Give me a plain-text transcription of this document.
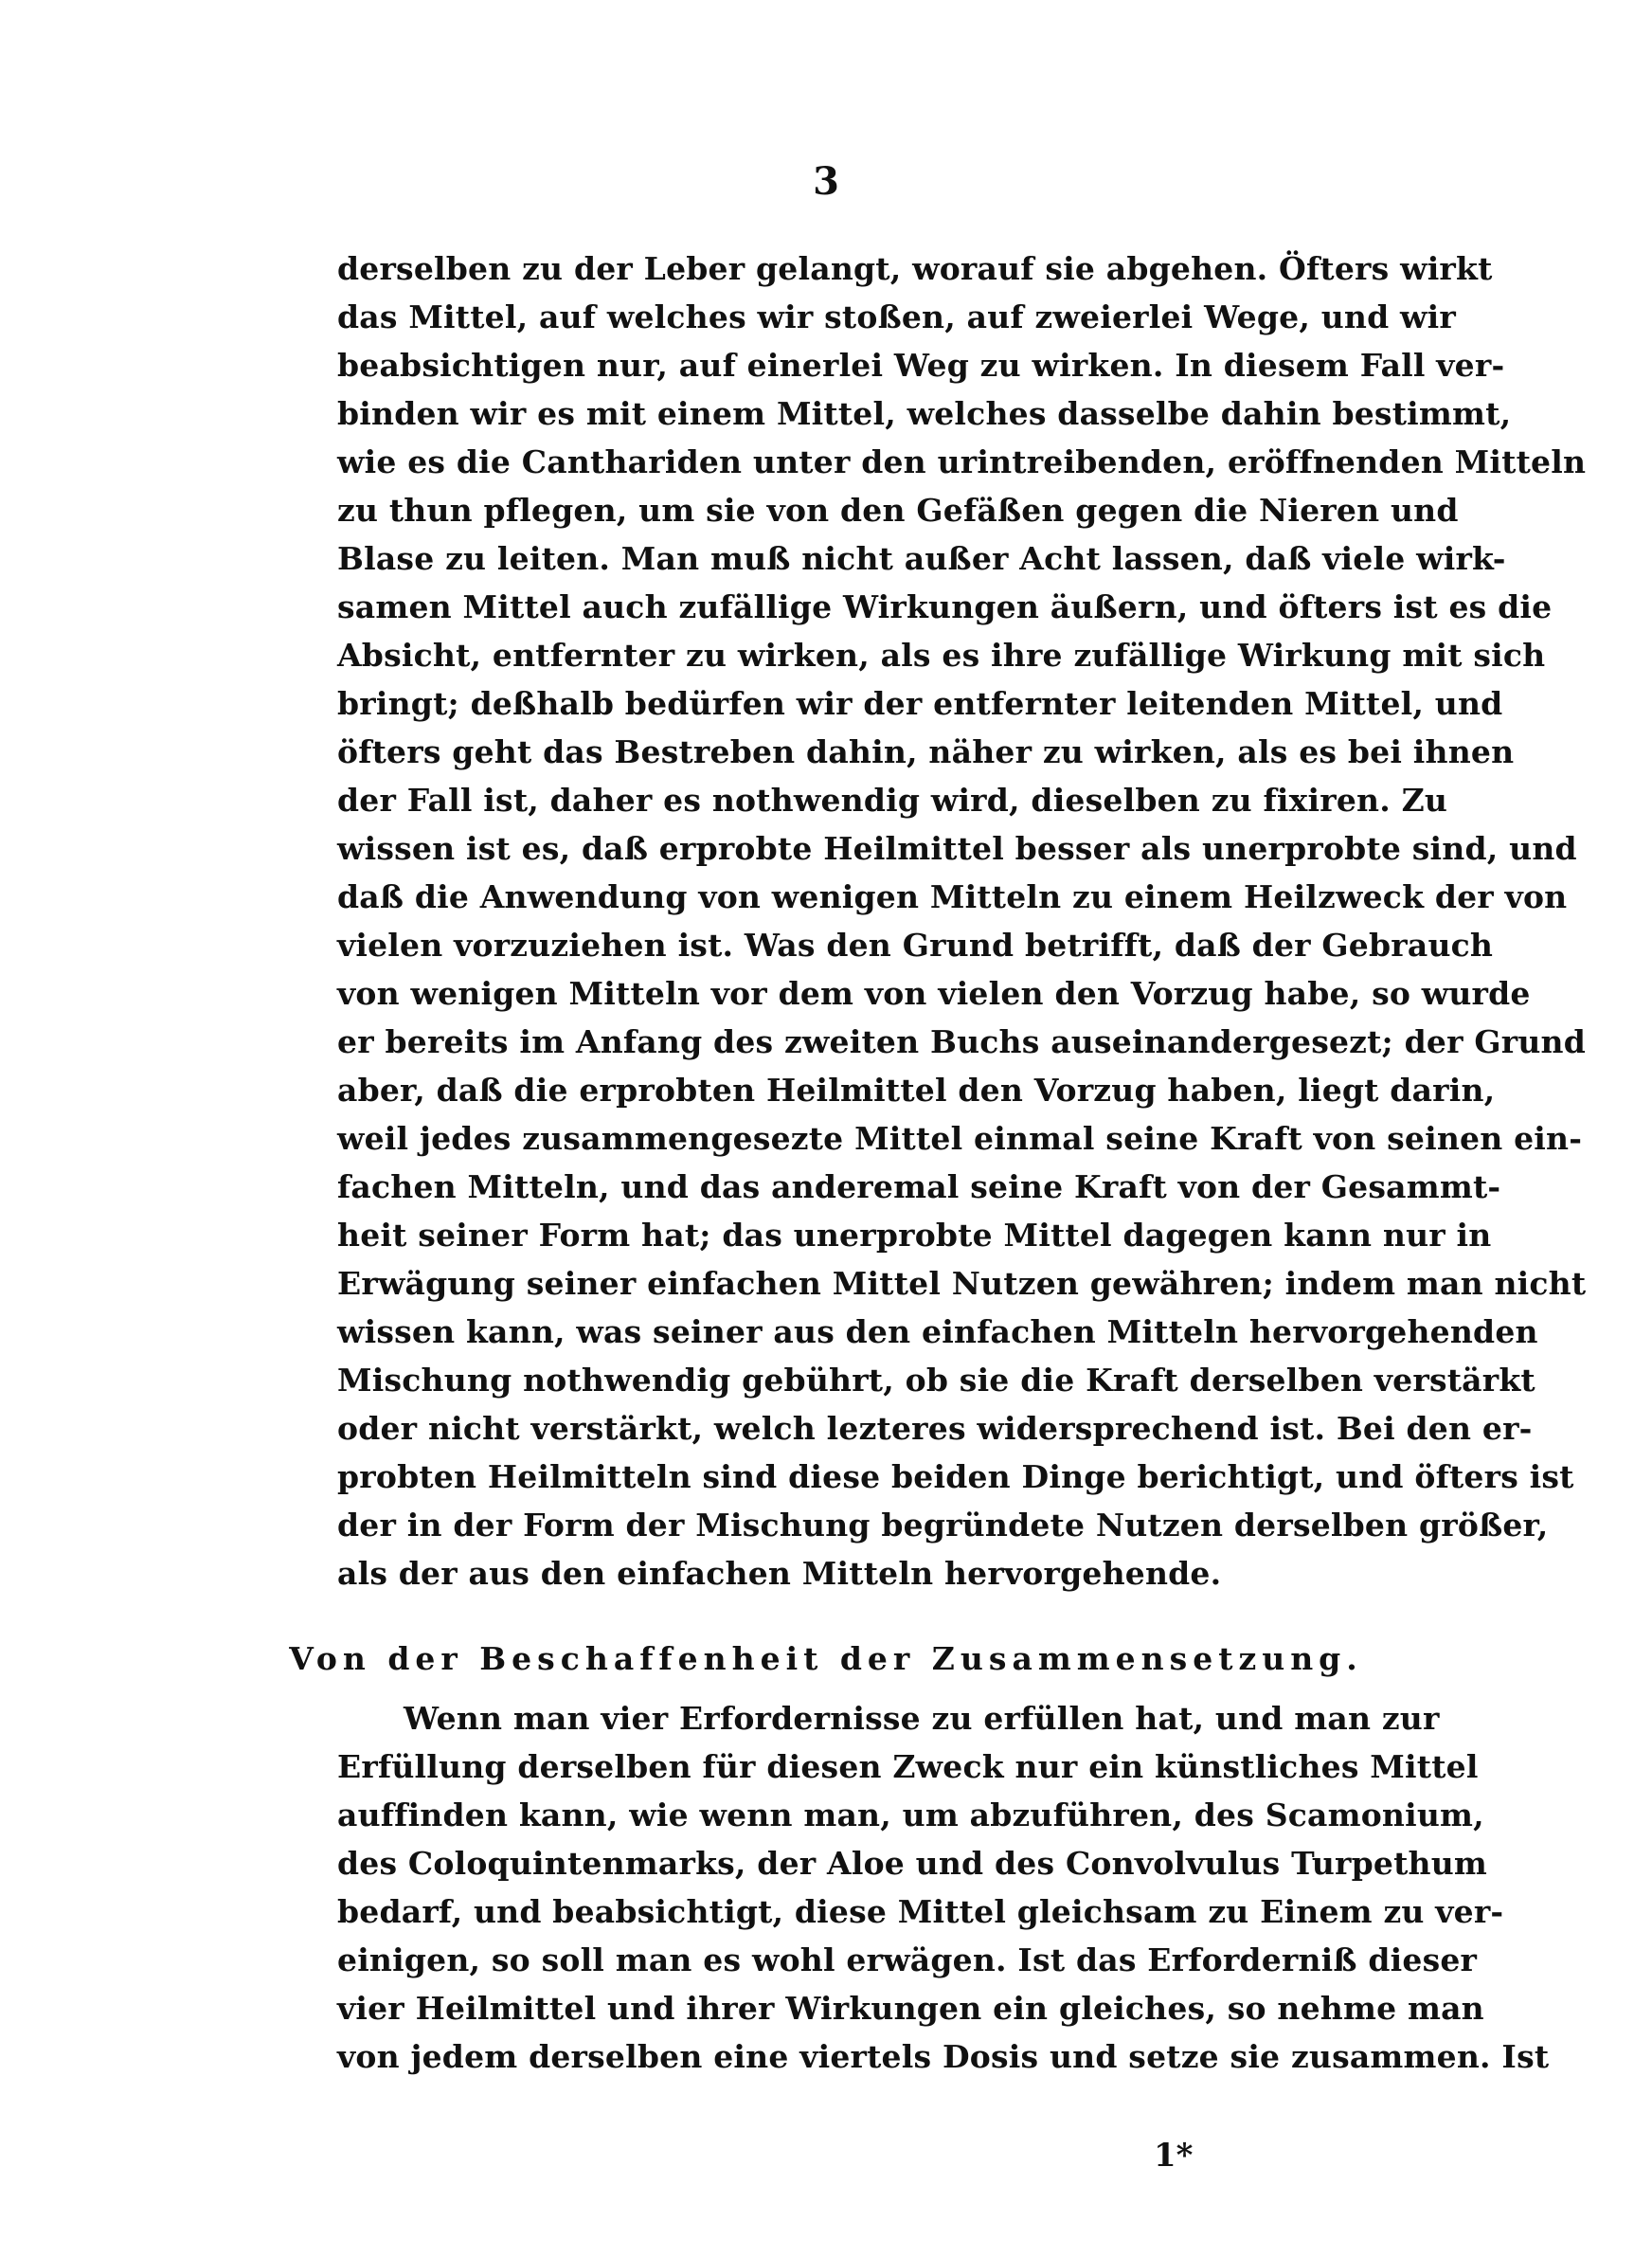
3
derselben zu der Leber gelangt, worauf sie abgehen. Öfters wirkt
das Mittel, auf welches wir stoßen, auf zweierlei Wege, und wir
beabsichtigen nur, auf einerlei Weg zu wirken. In diesem Fall ver-
binden wir es mit einem Mittel, welches dasselbe dahin bestimmt,
wie es die Canthariden unter den urintreibenden, eröffnenden Mitteln
zu thun pflegen, um sie von den Gefäßen gegen die Nieren und
Blase zu leiten. Man muß nicht außer Acht lassen, daß viele wirk-
samen Mittel auch zufällige Wirkungen äußern, und öfters ist es die
Absicht, entfernter zu wirken, als es ihre zufällige Wirkung mit sich
bringt; deßhalb bedürfen wir der entfernter leitenden Mittel, und
öfters geht das Bestreben dahin, näher zu wirken, als es bei ihnen
der Fall ist, daher es nothwendig wird, dieselben zu fixiren. Zu
wissen ist es, daß erprobte Heilmittel besser als unerprobte sind, und
daß die Anwendung von wenigen Mitteln zu einem Heilzweck der von
vielen vorzuziehen ist. Was den Grund betrifft, daß der Gebrauch
von wenigen Mitteln vor dem von vielen den Vorzug habe, so wurde
er bereits im Anfang des zweiten Buchs auseinandergesezt; der Grund
aber, daß die erprobten Heilmittel den Vorzug haben, liegt darin,
weil jedes zusammengesezte Mittel einmal seine Kraft von seinen ein-
fachen Mitteln, und das anderemal seine Kraft von der Gesammt-
heit seiner Form hat; das unerprobte Mittel dagegen kann nur in
Erwägung seiner einfachen Mittel Nutzen gewähren; indem man nicht
wissen kann, was seiner aus den einfachen Mitteln hervorgehenden
Mischung nothwendig gebührt, ob sie die Kraft derselben verstärkt
oder nicht verstärkt, welch lezteres widersprechend ist. Bei den er-
probten Heilmitteln sind diese beiden Dinge berichtigt, und öfters ist
der in der Form der Mischung begründete Nutzen derselben größer,
als der aus den einfachen Mitteln hervorgehende.
Von der Beschaffenheit der Zusammensetzung.
Wenn man vier Erfordernisse zu erfüllen hat, und man zur
Erfüllung derselben für diesen Zweck nur ein künstliches Mittel
auffinden kann, wie wenn man, um abzuführen, des Scamonium,
des Coloquintenmarks, der Aloe und des Convolvulus Turpethum
bedarf, und beabsichtigt, diese Mittel gleichsam zu Einem zu ver-
einigen, so soll man es wohl erwägen. Ist das Erforderniß dieser
vier Heilmittel und ihrer Wirkungen ein gleiches, so nehme man
von jedem derselben eine viertels Dosis und setze sie zusammen. Ist
1*
